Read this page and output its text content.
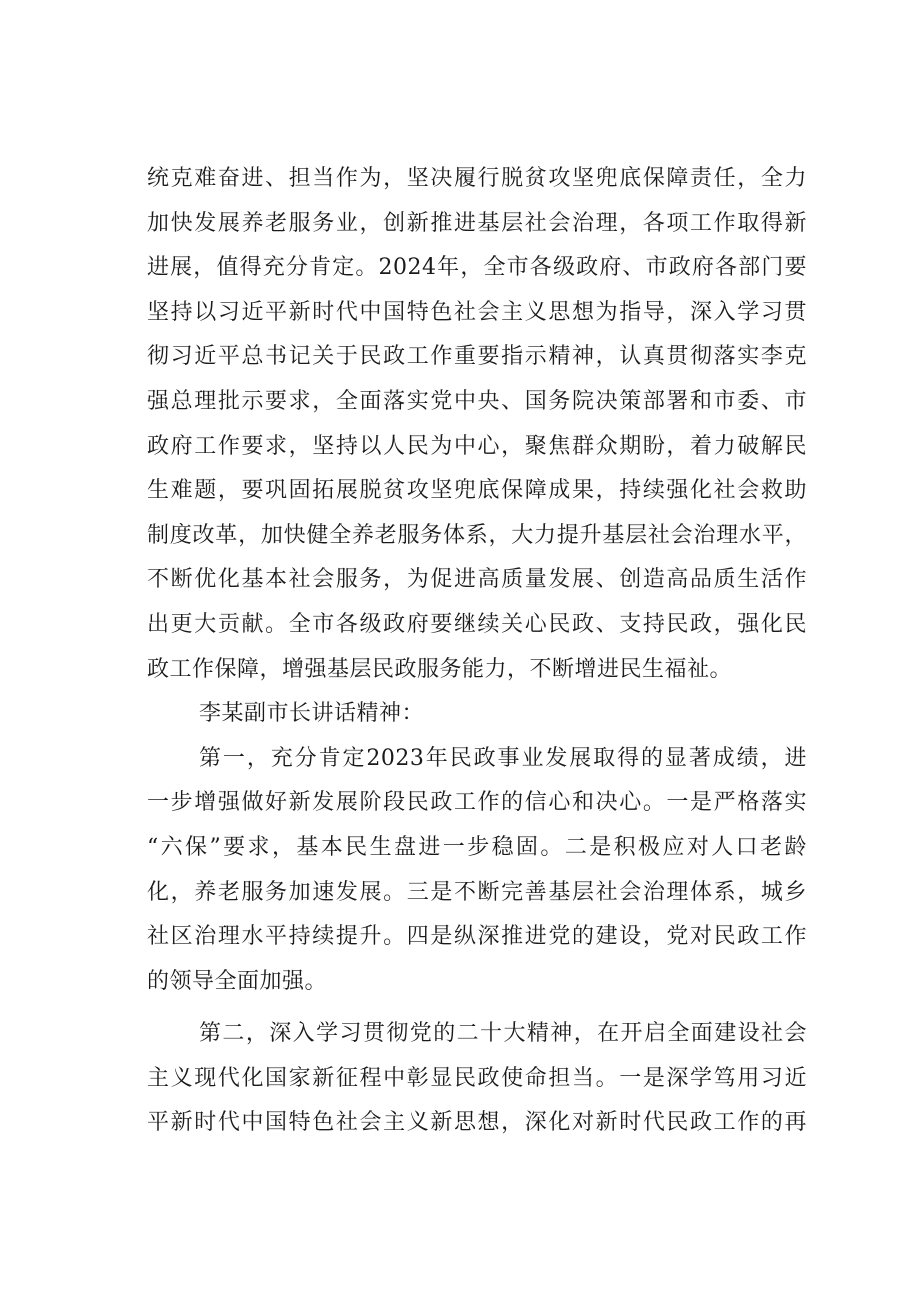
统克难奋进、担当作为，坚决履行脱贫攻坚兜底保障责任，全力
加快发展养老服务业，创新推进基层社会治理，各项工作取得新
进展，值得充分肯定。2024年，全市各级政府、市政府各部门要
坚持以习近平新时代中国特色社会主义思想为指导，深入学习贯
彻习近平总书记关于民政工作重要指示精神，认真贯彻落实李克
强总理批示要求，全面落实党中央、国务院决策部署和市委、市
政府工作要求，坚持以人民为中心，聚焦群众期盼，着力破解民
生难题，要巩固拓展脱贫攻坚兜底保障成果，持续强化社会救助
制度改革，加快健全养老服务体系，大力提升基层社会治理水平，
不断优化基本社会服务，为促进高质量发展、创造高品质生活作
出更大贡献。全市各级政府要继续关心民政、支持民政，强化民
政工作保障，增强基层民政服务能力，不断增进民生福祉。
李某副市长讲话精神：
第一，充分肯定2023年民政事业发展取得的显著成绩，进
一步增强做好新发展阶段民政工作的信心和决心。一是严格落实
“六保”要求，基本民生盘进一步稳固。二是积极应对人口老龄
化，养老服务加速发展。三是不断完善基层社会治理体系，城乡
社区治理水平持续提升。四是纵深推进党的建设，党对民政工作
的领导全面加强。
第二，深入学习贯彻党的二十大精神，在开启全面建设社会
主义现代化国家新征程中彰显民政使命担当。一是深学笃用习近
平新时代中国特色社会主义新思想，深化对新时代民政工作的再
